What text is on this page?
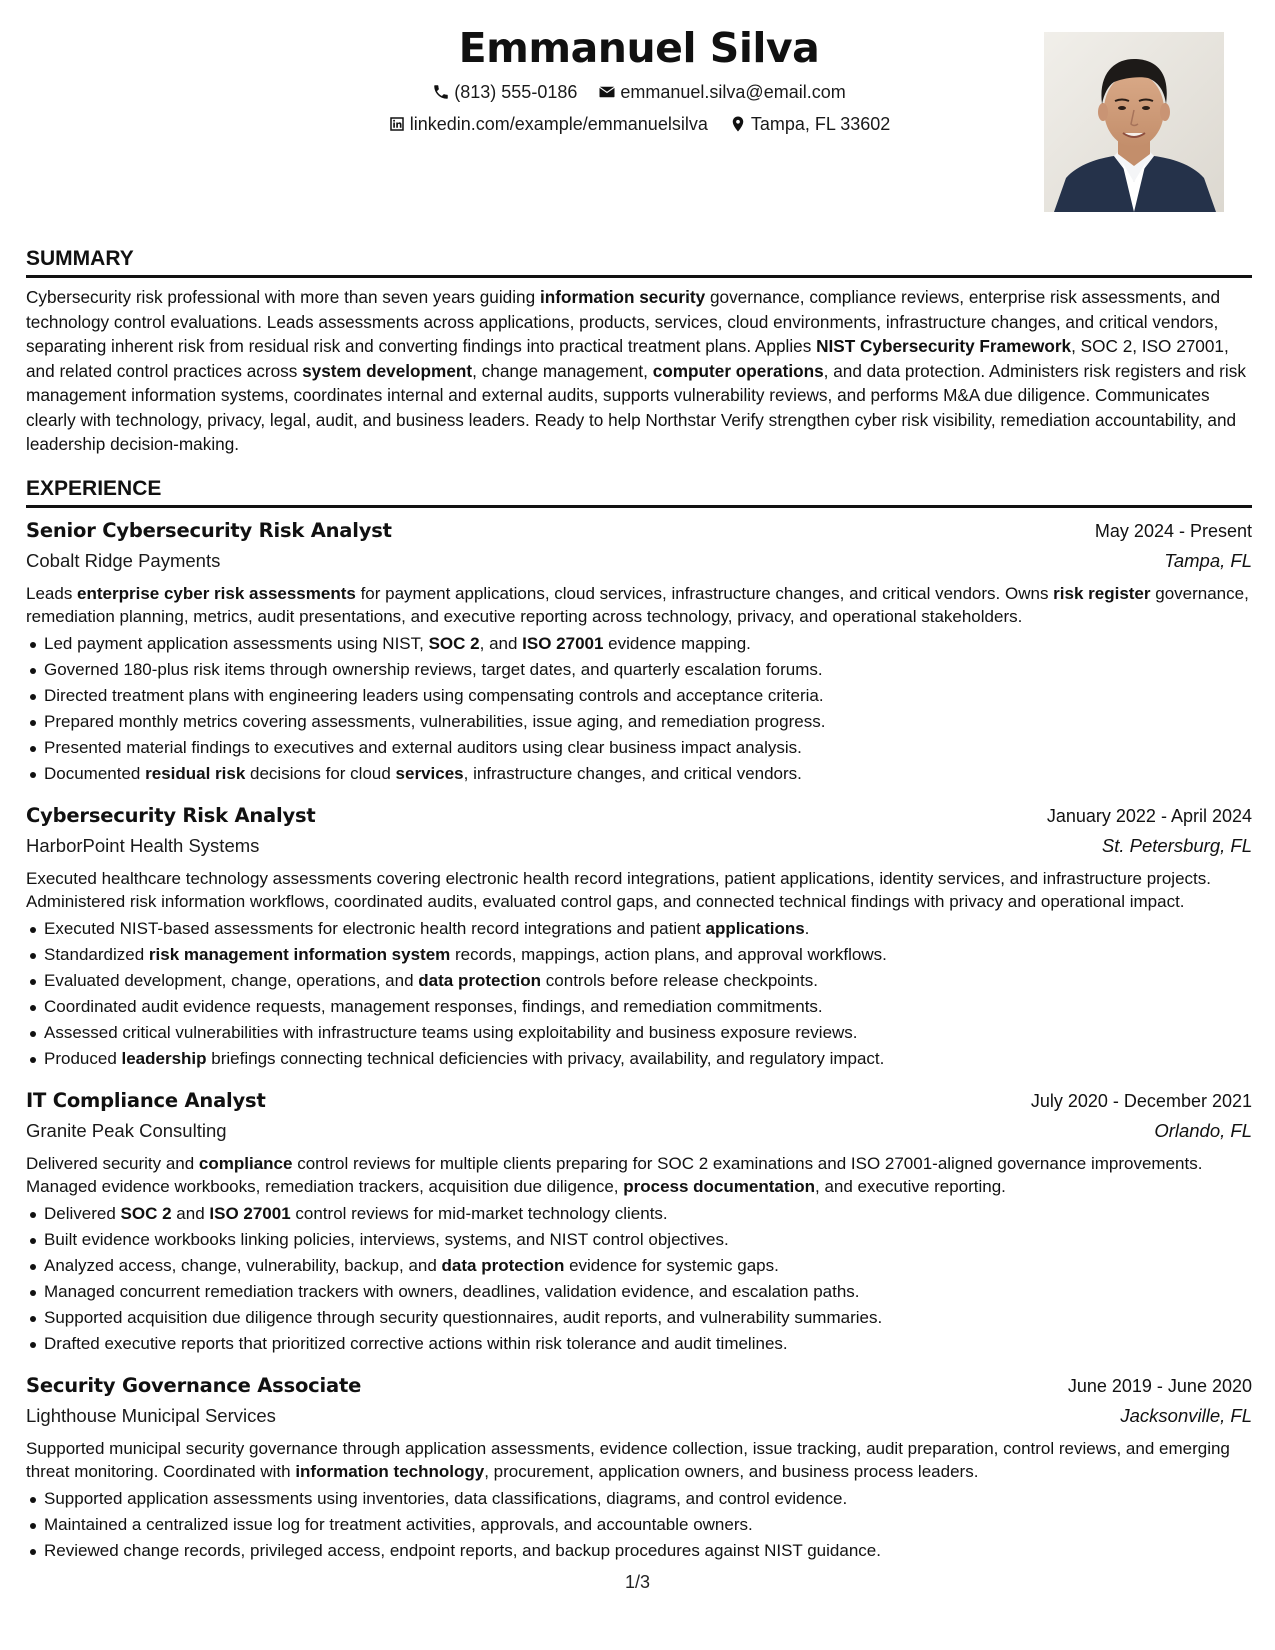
Emmanuel Silva
(813) 555-0186
emmanuel.silva@email.com
linkedin.com/example/emmanuelsilva
Tampa, FL 33602
SUMMARY

Cybersecurity risk professional with more than seven years guiding information security governance, compliance reviews, enterprise risk assessments, and technology control evaluations. Leads assessments across applications, products, services, cloud environments, infrastructure changes, and critical vendors, separating inherent risk from residual risk and converting findings into practical treatment plans. Applies NIST Cybersecurity Framework, SOC 2, ISO 27001, and related control practices across system development, change management, computer operations, and data protection. Administers risk registers and risk management information systems, coordinates internal and external audits, supports vulnerability reviews, and performs M&A due diligence. Communicates clearly with technology, privacy, legal, audit, and business leaders. Ready to help Northstar Verify strengthen cyber risk visibility, remediation accountability, and leadership decision-making.

EXPERIENCE
Senior Cybersecurity Risk Analyst	May 2024 - Present
Cobalt Ridge Payments	Tampa, FL

Leads enterprise cyber risk assessments for payment applications, cloud services, infrastructure changes, and critical vendors. Owns risk register governance, remediation planning, metrics, audit presentations, and executive reporting across technology, privacy, and operational stakeholders.

Led payment application assessments using NIST, SOC 2, and ISO 27001 evidence mapping.
Governed 180-plus risk items through ownership reviews, target dates, and quarterly escalation forums.
Directed treatment plans with engineering leaders using compensating controls and acceptance criteria.
Prepared monthly metrics covering assessments, vulnerabilities, issue aging, and remediation progress.
Presented material findings to executives and external auditors using clear business impact analysis.
Documented residual risk decisions for cloud services, infrastructure changes, and critical vendors.
Cybersecurity Risk Analyst	January 2022 - April 2024
HarborPoint Health Systems	St. Petersburg, FL

Executed healthcare technology assessments covering electronic health record integrations, patient applications, identity services, and infrastructure projects. Administered risk information workflows, coordinated audits, evaluated control gaps, and connected technical findings with privacy and operational impact.

Executed NIST-based assessments for electronic health record integrations and patient applications.
Standardized risk management information system records, mappings, action plans, and approval workflows.
Evaluated development, change, operations, and data protection controls before release checkpoints.
Coordinated audit evidence requests, management responses, findings, and remediation commitments.
Assessed critical vulnerabilities with infrastructure teams using exploitability and business exposure reviews.
Produced leadership briefings connecting technical deficiencies with privacy, availability, and regulatory impact.
IT Compliance Analyst	July 2020 - December 2021
Granite Peak Consulting	Orlando, FL

Delivered security and compliance control reviews for multiple clients preparing for SOC 2 examinations and ISO 27001-aligned governance improvements. Managed evidence workbooks, remediation trackers, acquisition due diligence, process documentation, and executive reporting.

Delivered SOC 2 and ISO 27001 control reviews for mid-market technology clients.
Built evidence workbooks linking policies, interviews, systems, and NIST control objectives.
Analyzed access, change, vulnerability, backup, and data protection evidence for systemic gaps.
Managed concurrent remediation trackers with owners, deadlines, validation evidence, and escalation paths.
Supported acquisition due diligence through security questionnaires, audit reports, and vulnerability summaries.
Drafted executive reports that prioritized corrective actions within risk tolerance and audit timelines.
Security Governance Associate	June 2019 - June 2020
Lighthouse Municipal Services	Jacksonville, FL

Supported municipal security governance through application assessments, evidence collection, issue tracking, audit preparation, control reviews, and emerging threat monitoring. Coordinated with information technology, procurement, application owners, and business process leaders.

Supported application assessments using inventories, data classifications, diagrams, and control evidence.
Maintained a centralized issue log for treatment activities, approvals, and accountable owners.
Reviewed change records, privileged access, endpoint reports, and backup procedures against NIST guidance.
1/3
